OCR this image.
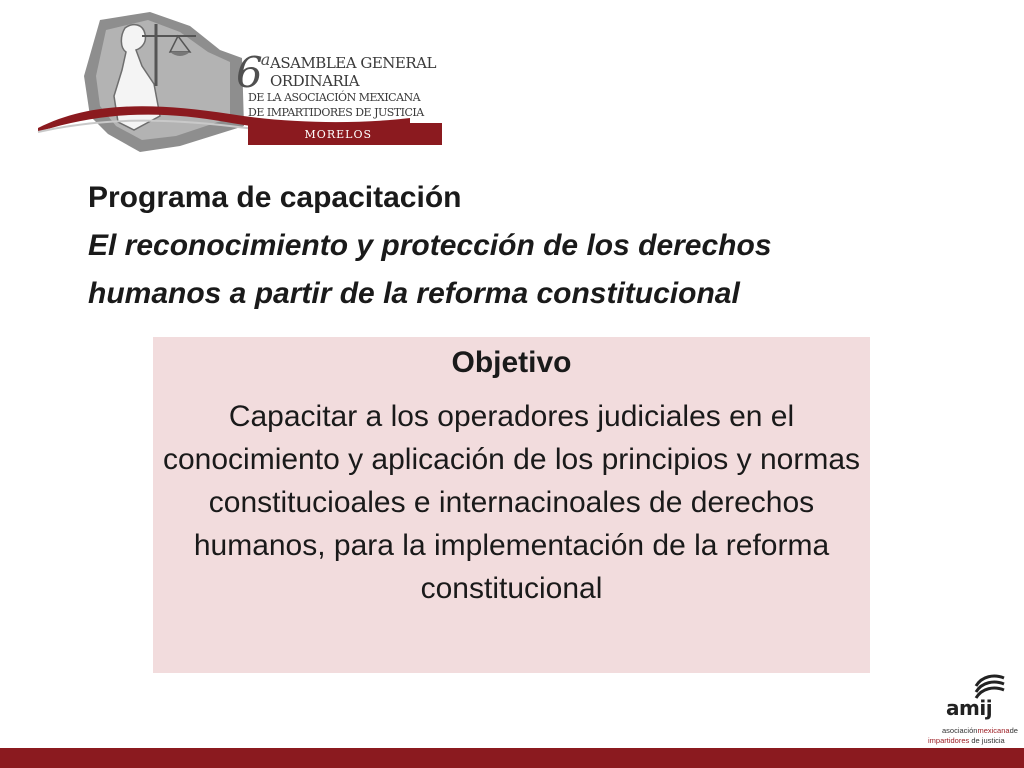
6$^a$ ASAMBLEA GENERAL
ORDINARIA
DE LA ASOCIACIÓN MEXICANA
DE IMPARTIDORES DE JUSTICIA
MORELOS
Programa de capacitación
El reconocimiento y protección de los derechos
humanos a partir de la reforma constitucional
Objetivo
Capacitar a los operadores judiciales en el conocimiento y aplicación de los principios y normas constitucioales e internacinoales de derechos humanos, para la implementación de la reforma constitucional
amij
asociaciónmexicanade
impartidores de justicia
